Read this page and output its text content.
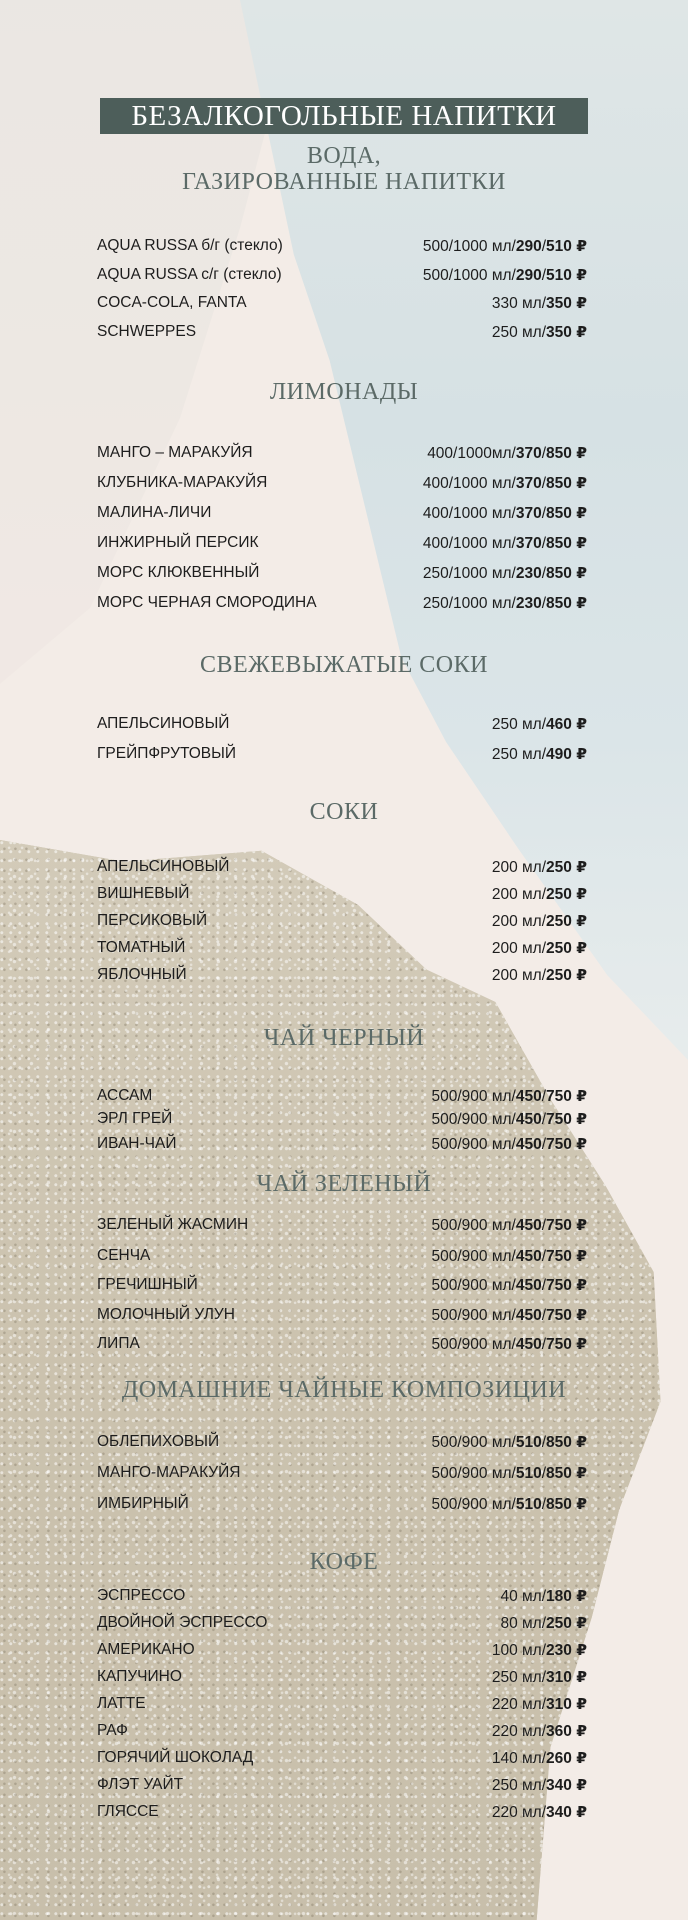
БЕЗАЛКОГОЛЬНЫЕ НАПИТКИ
ВОДА,
ГАЗИРОВАННЫЕ НАПИТКИ
AQUA RUSSA б/г (стекло)	500/1000 мл/290/510 ₽
AQUA RUSSA с/г (стекло)	500/1000 мл/290/510 ₽
COCA-COLA, FANTA	330 мл/350 ₽
SCHWEPPES	250 мл/350 ₽
ЛИМОНАДЫ
МАНГО – МАРАКУЙЯ	400/1000мл/370/850 ₽
КЛУБНИКА-МАРАКУЙЯ	400/1000 мл/370/850 ₽
МАЛИНА-ЛИЧИ	400/1000 мл/370/850 ₽
ИНЖИРНЫЙ ПЕРСИК	400/1000 мл/370/850 ₽
МОРС КЛЮКВЕННЫЙ	250/1000 мл/230/850 ₽
МОРС ЧЕРНАЯ СМОРОДИНА	250/1000 мл/230/850 ₽
СВЕЖЕВЫЖАТЫЕ СОКИ
АПЕЛЬСИНОВЫЙ	250 мл/460 ₽
ГРЕЙПФРУТОВЫЙ	250 мл/490 ₽
СОКИ
АПЕЛЬСИНОВЫЙ	200 мл/250 ₽
ВИШНЕВЫЙ	200 мл/250 ₽
ПЕРСИКОВЫЙ	200 мл/250 ₽
ТОМАТНЫЙ	200 мл/250 ₽
ЯБЛОЧНЫЙ	200 мл/250 ₽
ЧАЙ ЧЕРНЫЙ
АССАМ	500/900 мл/450/750 ₽
ЭРЛ ГРЕЙ	500/900 мл/450/750 ₽
ИВАН-ЧАЙ	500/900 мл/450/750 ₽
ЧАЙ ЗЕЛЕНЫЙ
ЗЕЛЕНЫЙ ЖАСМИН	500/900 мл/450/750 ₽
СЕНЧА	500/900 мл/450/750 ₽
ГРЕЧИШНЫЙ	500/900 мл/450/750 ₽
МОЛОЧНЫЙ УЛУН	500/900 мл/450/750 ₽
ЛИПА	500/900 мл/450/750 ₽
ДОМАШНИЕ ЧАЙНЫЕ КОМПОЗИЦИИ
ОБЛЕПИХОВЫЙ	500/900 мл/510/850 ₽
МАНГО-МАРАКУЙЯ	500/900 мл/510/850 ₽
ИМБИРНЫЙ	500/900 мл/510/850 ₽
КОФЕ
ЭСПРЕССО	40 мл/180 ₽
ДВОЙНОЙ ЭСПРЕССО	80 мл/250 ₽
АМЕРИКАНО	100 мл/230 ₽
КАПУЧИНО	250 мл/310 ₽
ЛАТТЕ	220 мл/310 ₽
РАФ	220 мл/360 ₽
ГОРЯЧИЙ ШОКОЛАД	140 мл/260 ₽
ФЛЭТ УАЙТ	250 мл/340 ₽
ГЛЯССЕ	220 мл/340 ₽
